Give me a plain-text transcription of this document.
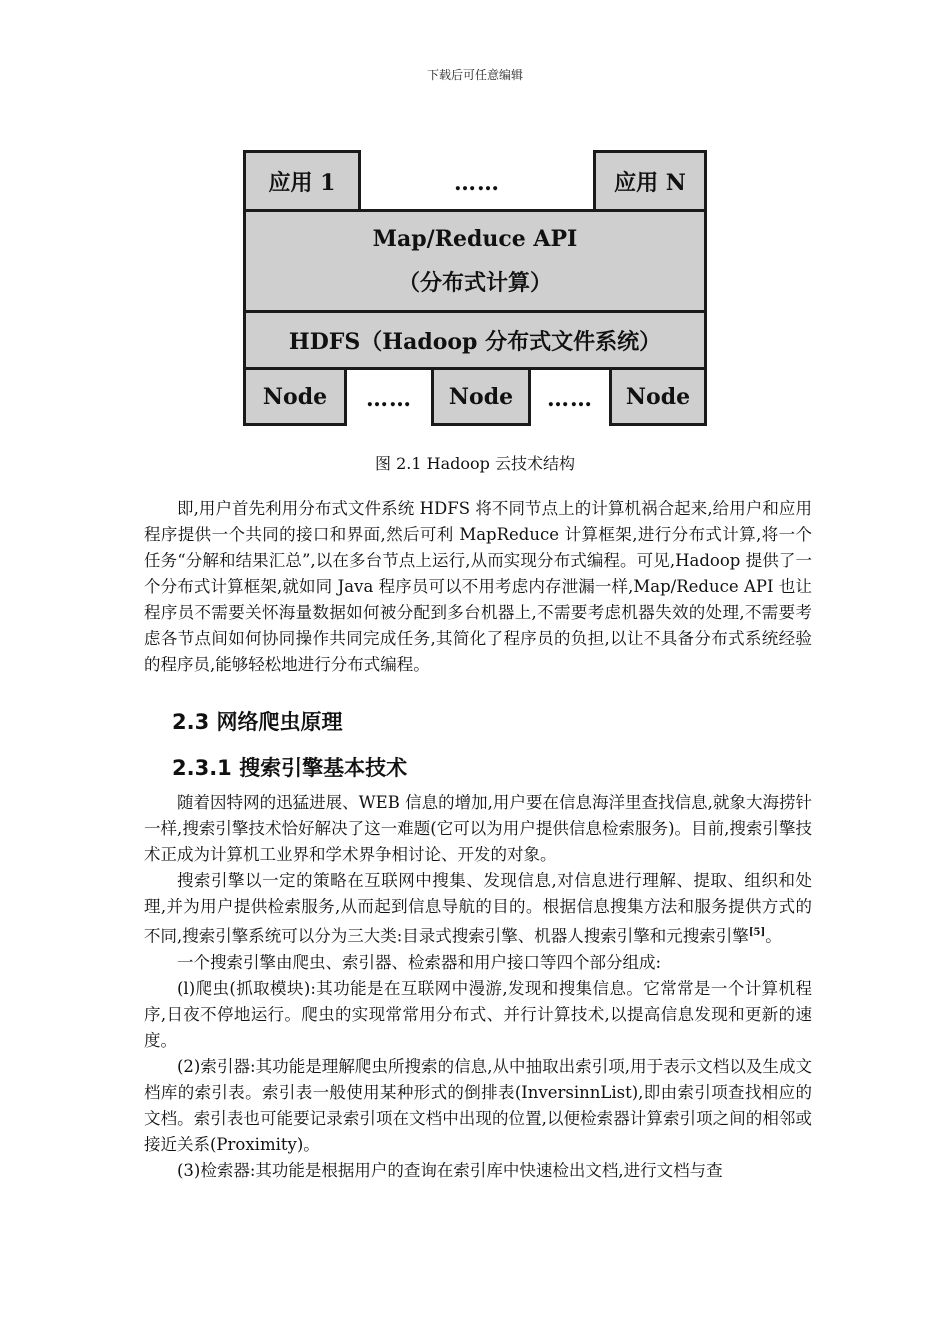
下载后可任意编辑
应用 1	……	应用 N
Map/Reduce API
（分布式计算）
HDFS（Hadoop 分布式文件系统）
Node	……	Node	……	Node
图 2.1 Hadoop 云技术结构

即,用户首先利用分布式文件系统 HDFS 将不同节点上的计算机祸合起来,给用户和应用程序提供一个共同的接口和界面,然后可利 MapReduce 计算框架,进行分布式计算,将一个任务“分解和结果汇总”,以在多台节点上运行,从而实现分布式编程。可见,Hadoop 提供了一个分布式计算框架,就如同 Java 程序员可以不用考虑内存泄漏一样,Map/Reduce API 也让程序员不需要关怀海量数据如何被分配到多台机器上,不需要考虑机器失效的处理,不需要考虑各节点间如何协同操作共同完成任务,其简化了程序员的负担,以让不具备分布式系统经验的程序员,能够轻松地进行分布式编程。

2.3 网络爬虫原理
2.3.1 搜索引擎基本技术

随着因特网的迅猛进展、WEB 信息的增加,用户要在信息海洋里查找信息,就象大海捞针一样,搜索引擎技术恰好解决了这一难题(它可以为用户提供信息检索服务)。目前,搜索引擎技术正成为计算机工业界和学术界争相讨论、开发的对象。

搜索引擎以一定的策略在互联网中搜集、发现信息,对信息进行理解、提取、组织和处理,并为用户提供检索服务,从而起到信息导航的目的。根据信息搜集方法和服务提供方式的不同,搜索引擎系统可以分为三大类:目录式搜索引擎、机器人搜索引擎和元搜索引擎[5]。

一个搜索引擎由爬虫、索引器、检索器和用户接口等四个部分组成:

(l)爬虫(抓取模块):其功能是在互联网中漫游,发现和搜集信息。它常常是一个计算机程序,日夜不停地运行。爬虫的实现常常用分布式、并行计算技术,以提高信息发现和更新的速度。

(2)索引器:其功能是理解爬虫所搜索的信息,从中抽取出索引项,用于表示文档以及生成文档库的索引表。索引表一般使用某种形式的倒排表(InversinnList),即由索引项查找相应的文档。索引表也可能要记录索引项在文档中出现的位置,以便检索器计算索引项之间的相邻或接近关系(Proximity)。

(3)检索器:其功能是根据用户的查询在索引库中快速检出文档,进行文档与查
